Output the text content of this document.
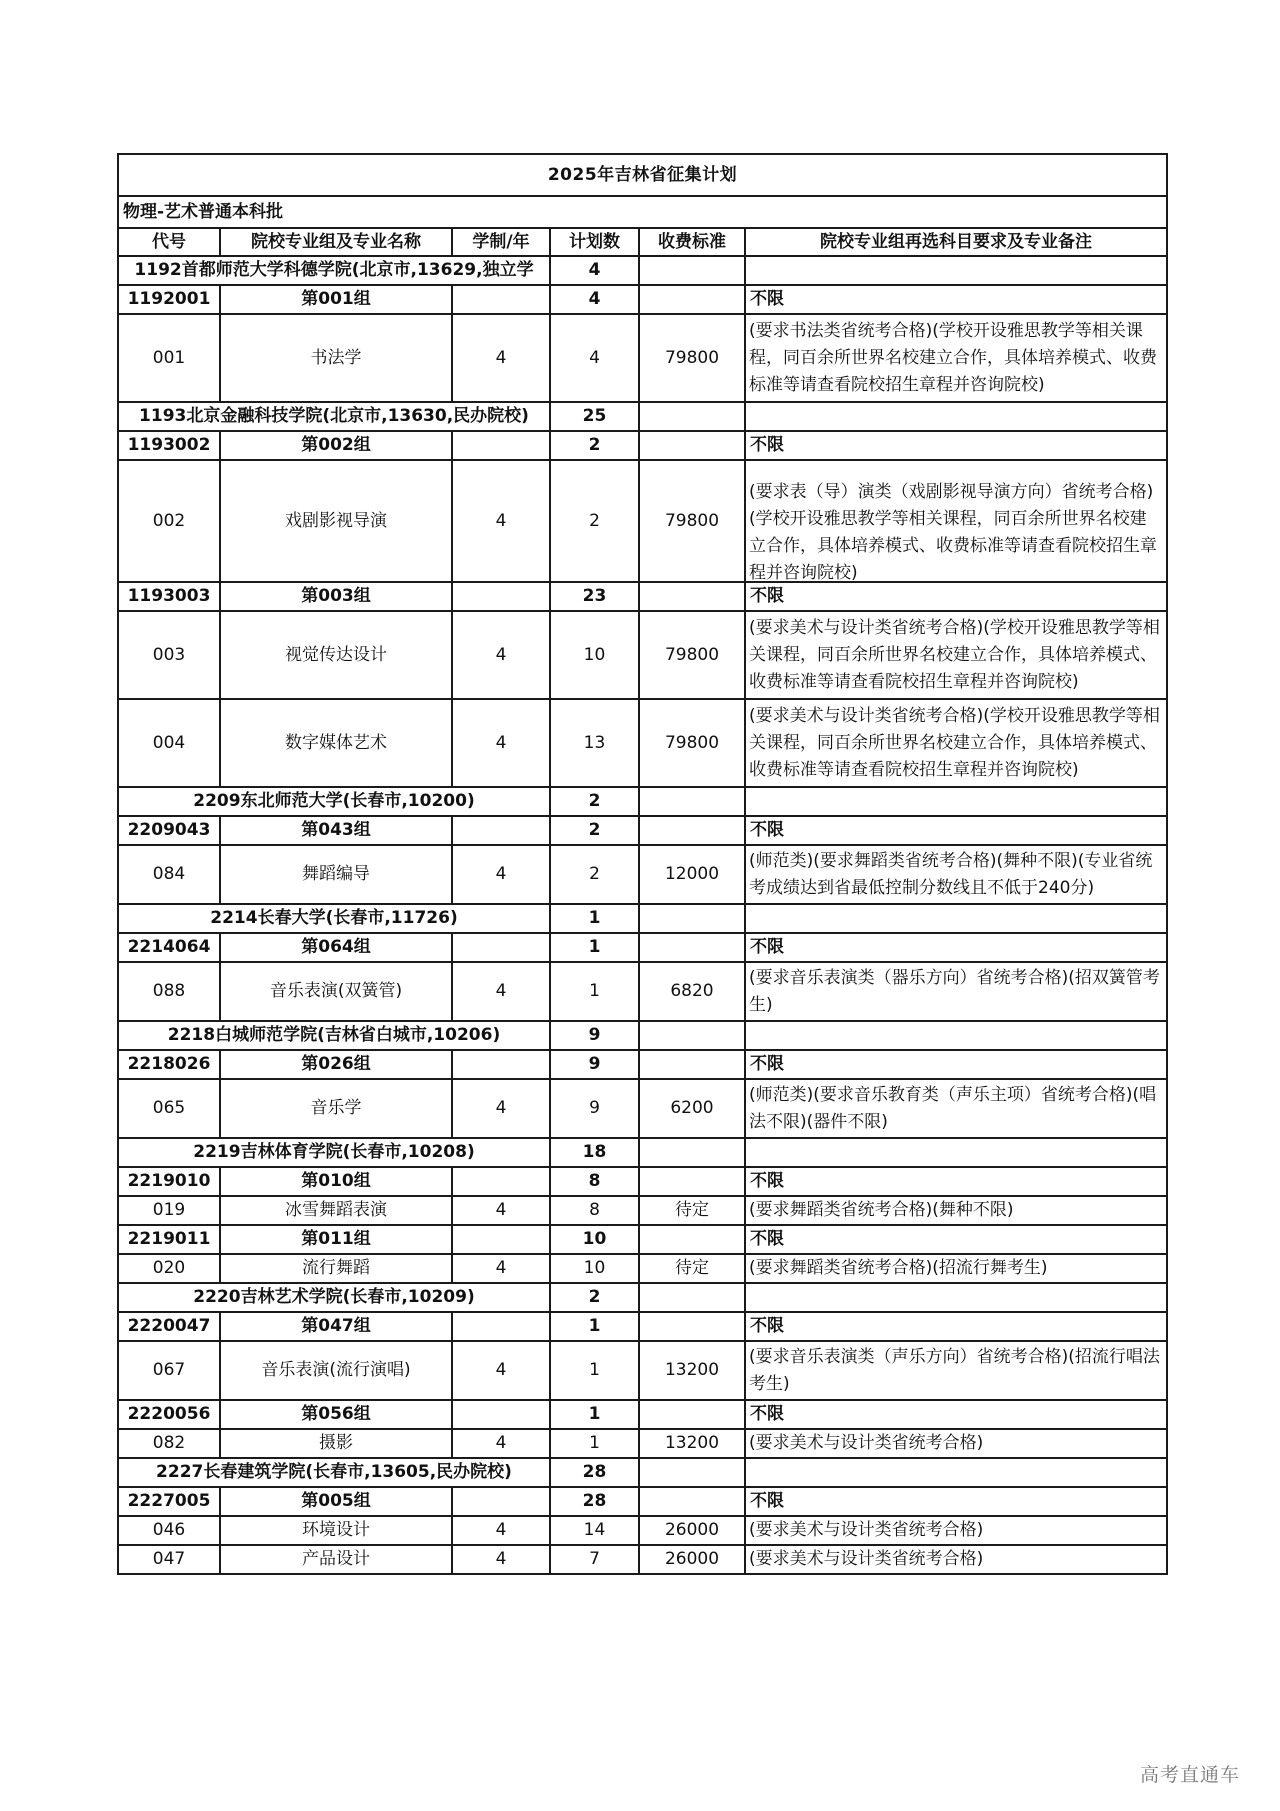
2025年吉林省征集计划					
物理-艺术普通本科批					
代号	院校专业组及专业名称	学制/年	计划数	收费标准	院校专业组再选科目要求及专业备注
1192首都师范大学科德学院(北京市,13629,独立学			4		
1192001	第001组		4		不限
001	书法学	4	4	79800	(要求书法类省统考合格)(学校开设雅思教学等相关课程，同百余所世界名校建立合作，具体培养模式、收费标准等请查看院校招生章程并咨询院校)

1193北京金融科技学院(北京市,13630,民办院校)			25		
1193002	第002组		2		不限
002	戏剧影视导演	4	2	79800	(要求表（导）演类（戏剧影视导演方向）省统考合格)(学校开设雅思教学等相关课程，同百余所世界名校建立合作，具体培养模式、收费标准等请查看院校招生章程并咨询院校)

1193003	第003组		23		不限
003	视觉传达设计	4	10	79800	(要求美术与设计类省统考合格)(学校开设雅思教学等相关课程，同百余所世界名校建立合作，具体培养模式、收费标准等请查看院校招生章程并咨询院校)

004	数字媒体艺术	4	13	79800	(要求美术与设计类省统考合格)(学校开设雅思教学等相关课程，同百余所世界名校建立合作，具体培养模式、收费标准等请查看院校招生章程并咨询院校)

2209东北师范大学(长春市,10200)			2		
2209043	第043组		2		不限
084	舞蹈编导	4	2	12000	(师范类)(要求舞蹈类省统考合格)(舞种不限)(专业省统考成绩达到省最低控制分数线且不低于240分)
2214长春大学(长春市,11726)			1		
2214064	第064组		1		不限
088	音乐表演(双簧管)	4	1	6820	(要求音乐表演类（器乐方向）省统考合格)(招双簧管考生)
2218白城师范学院(吉林省白城市,10206)			9		
2218026	第026组		9		不限
065	音乐学	4	9	6200	(师范类)(要求音乐教育类（声乐主项）省统考合格)(唱法不限)(器件不限)
2219吉林体育学院(长春市,10208)			18		
2219010	第010组		8		不限
019	冰雪舞蹈表演	4	8	待定	(要求舞蹈类省统考合格)(舞种不限)
2219011	第011组		10		不限
020	流行舞蹈	4	10	待定	(要求舞蹈类省统考合格)(招流行舞考生)
2220吉林艺术学院(长春市,10209)			2		
2220047	第047组		1		不限
067	音乐表演(流行演唱)	4	1	13200	(要求音乐表演类（声乐方向）省统考合格)(招流行唱法考生)
2220056	第056组		1		不限
082	摄影	4	1	13200	(要求美术与设计类省统考合格)
2227长春建筑学院(长春市,13605,民办院校)			28		
2227005	第005组		28		不限
046	环境设计	4	14	26000	(要求美术与设计类省统考合格)
047	产品设计	4	7	26000	(要求美术与设计类省统考合格)
高考直通车
